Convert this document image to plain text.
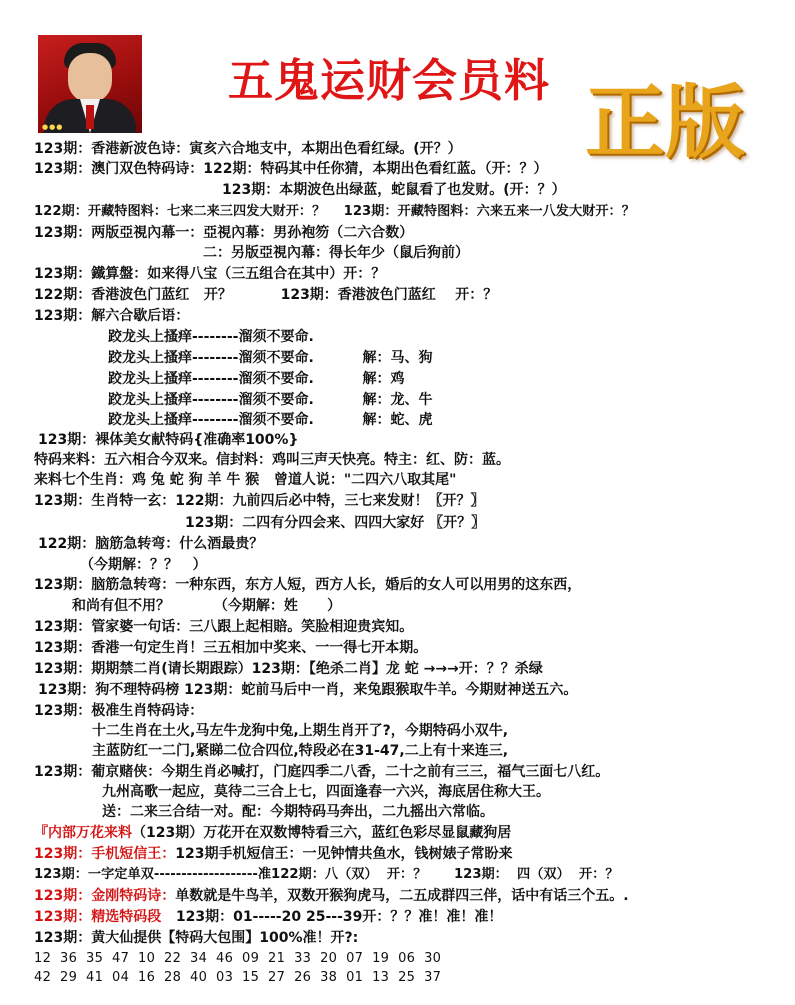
●●●
五鬼运财会员料 正版
123期：香港新波色诗：寅亥六合地支中，本期出色看红绿。(开？）
123期：澳门双色特码诗：122期：特码其中任你猜，本期出色看红蓝。（开：？）
123期：本期波色出绿蓝，蛇鼠看了也发财。(开：？）
122期：开藏特图料：七来二来三四发大财开：？    123期：开藏特图料：六来五来一八发大财开：？
123期：两版亞視內幕一：亞視內幕：男孙袍笏（二六合数）
二：另版亞視內幕：得长年少（鼠后狗前）
123期：鐵算盤：如来得八宝（三五组合在其中）开：？
122期：香港波色门蓝红   开？          123期：香港波色门蓝红    开：？
123期：解六合歇后语：
跤龙头上搔痒--------溜须不要命.
跤龙头上搔痒--------溜须不要命.          解：马、狗
跤龙头上搔痒--------溜须不要命.          解：鸡
跤龙头上搔痒--------溜须不要命.          解：龙、牛
跤龙头上搔痒--------溜须不要命.          解：蛇、虎
123期：裸体美女献特码{准确率100%}
特码来料：五六相合今双来。信封料：鸡叫三声天快亮。特主：红、防：蓝。
来料七个生肖：鸡 兔 蛇 狗 羊 牛 猴   曾道人说："二四六八取其尾"
123期：生肖特一玄：122期：九前四后必中特，三七来发财！〖开？〗
123期：二四有分四会来、四四大家好 〖开？〗
122期：脑筋急转弯：什么酒最贵？
（今期解：？？   ）
123期：脑筋急转弯：一种东西，东方人短，西方人长，婚后的女人可以用男的这东西，
和尚有但不用？         （今期解：姓      ）
123期：管家婆一句话：三八跟上起相賠。笑脸相迎贵宾知。
123期：香港一句定生肖！三五相加中奖来、一一得七开本期。
123期：期期禁二肖(请长期跟踪）123期：【绝杀二肖】龙 蛇 →→→开：？？杀绿
123期：狗不理特码榜 123期：蛇前马后中一肖，来兔跟猴取牛羊。今期财神送五六。
123期：极准生肖特码诗：
十二生肖在土火,马左牛龙狗中兔,上期生肖开了?，今期特码小双牛,
主蓝防红一二门,紧睇二位合四位,特段必在31-47,二上有十来连三,
123期：葡京赌侠：今期生肖必喊打，门庭四季二八香，二十之前有三三，福气三面七八红。
九州高歌一起应，莫待二三合上七，四面逢春一六兴，海底居住称大王。
送：二来三合结一对。配：今期特码马奔出，二九摇出六常临。
『内部万花来料（123期）万花开在双数博特看三六，蓝红色彩尽显鼠藏狗居
123期：手机短信王：123期手机短信王：一见钟情共鱼水，钱树婊子常盼来
123期：一字定单双-------------------准122期：八（双）  开：？      123期：  四（双）  开：？
123期：金刚特码诗：单数就是牛鸟羊，双数开猴狗虎马，二五成群四三伴，话中有话三个五。.
123期：精选特码段   123期：01-----20 25---39开：？？准！准！准！
123期：黄大仙提供【特码大包围】100%准！开?:
12  36  35  47  10  22  34  46  09  21  33  20  07  19  06  30
42  29  41  04  16  28  40  03  15  27  26  38  01  13  25  37
